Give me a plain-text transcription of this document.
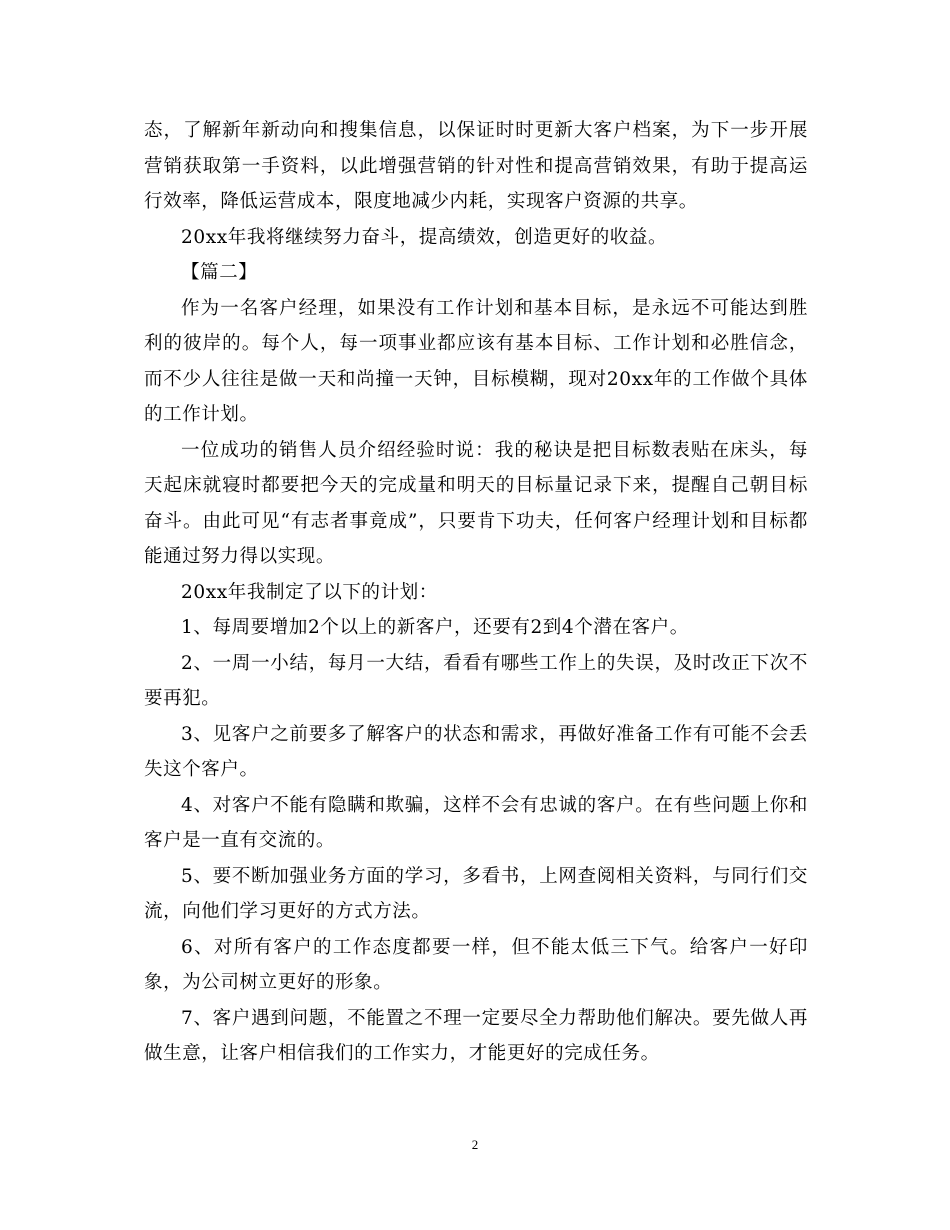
态，了解新年新动向和搜集信息，以保证时时更新大客户档案，为下一步开展营销获取第一手资料，以此增强营销的针对性和提高营销效果，有助于提高运行效率，降低运营成本，限度地减少内耗，实现客户资源的共享。

20xx年我将继续努力奋斗，提高绩效，创造更好的收益。

【篇二】

作为一名客户经理，如果没有工作计划和基本目标，是永远不可能达到胜利的彼岸的。每个人，每一项事业都应该有基本目标、工作计划和必胜信念，而不少人往往是做一天和尚撞一天钟，目标模糊，现对20xx年的工作做个具体的工作计划。

一位成功的销售人员介绍经验时说：我的秘诀是把目标数表贴在床头，每天起床就寝时都要把今天的完成量和明天的目标量记录下来，提醒自己朝目标奋斗。由此可见“有志者事竟成”，只要肯下功夫，任何客户经理计划和目标都能通过努力得以实现。

20xx年我制定了以下的计划：

1、每周要增加2个以上的新客户，还要有2到4个潜在客户。

2、一周一小结，每月一大结，看看有哪些工作上的失误，及时改正下次不要再犯。

3、见客户之前要多了解客户的状态和需求，再做好准备工作有可能不会丢失这个客户。

4、对客户不能有隐瞒和欺骗，这样不会有忠诚的客户。在有些问题上你和客户是一直有交流的。

5、要不断加强业务方面的学习，多看书，上网查阅相关资料，与同行们交流，向他们学习更好的方式方法。

6、对所有客户的工作态度都要一样，但不能太低三下气。给客户一好印象，为公司树立更好的形象。

7、客户遇到问题，不能置之不理一定要尽全力帮助他们解决。要先做人再做生意，让客户相信我们的工作实力，才能更好的完成任务。

2
